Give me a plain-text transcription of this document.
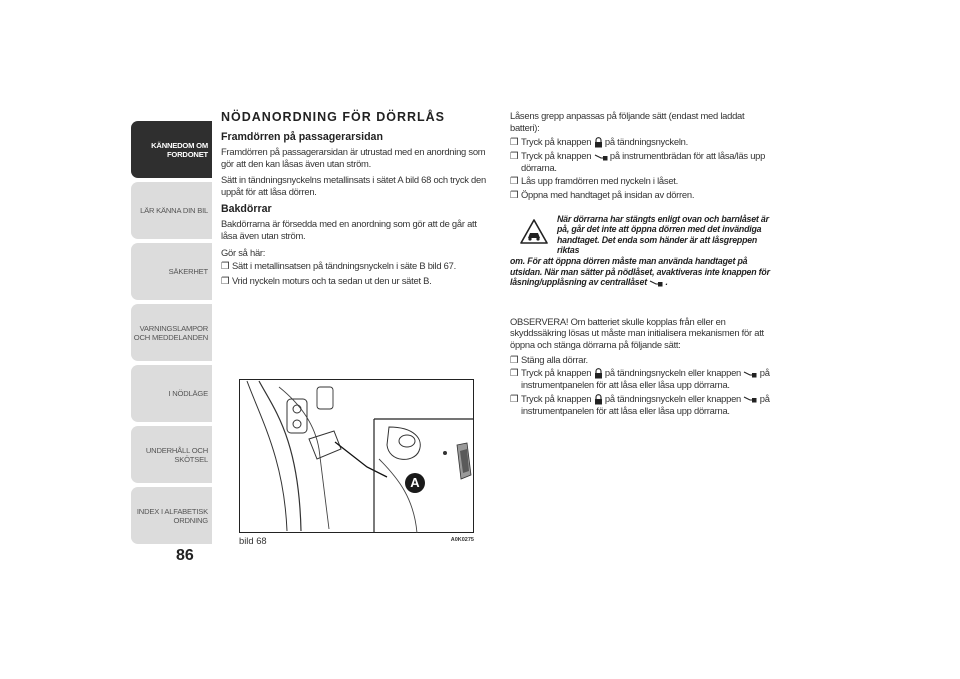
KÄNNEDOM OM
FORDONET
LÄR KÄNNA DIN BIL
SÄKERHET
VARNINGSLAMPOR
OCH MEDDELANDEN
I NÖDLÄGE
UNDERHÅLL OCH
SKÖTSEL
INDEX I ALFABETISK
ORDNING
86
NÖDANORDNING FÖR DÖRRLÅS
Framdörren på passagerarsidan
Framdörren på passagerarsidan är utrustad med en anordning som gör att den kan låsas även utan ström.
Sätt in tändningsnyckelns metallinsats i sätet A bild 68 och tryck den uppåt för att låsa dörren.
Bakdörrar
Bakdörrarna är försedda med en anordning som gör att de går att låsa även utan ström.
Gör så här:
❒ Sätt i metallinsatsen på tändningsnyckeln i säte B bild 67.
❒ Vrid nyckeln moturs och ta sedan ut den ur sätet B.
A
bild 68	A0K0275
Låsens grepp anpassas på följande sätt (endast med laddat batteri):
❒ Tryck på knappen på tändningsnyckeln.
❒ Tryck på knappen på instrumentbrädan för att låsa/läs upp dörrarna.
❒ Lås upp framdörren med nyckeln i låset.
❒ Öppna med handtaget på insidan av dörren.
När dörrarna har stängts enligt ovan och barnlåset är på, går det inte att öppna dörren med det invändiga handtaget. Det enda som händer är att låsgreppen riktas
om. För att öppna dörren måste man använda handtaget på utsidan. När man sätter på nödlåset, avaktiveras inte knappen för låsning/upplåsning av centrallåset .
OBSERVERA! Om batteriet skulle kopplas från eller en skyddssäkring lösas ut måste man initialisera mekanismen för att öppna och stänga dörrarna på följande sätt:
❒ Stäng alla dörrar.
❒ Tryck på knappen på tändningsnyckeln eller knappen på instrumentpanelen för att låsa eller låsa upp dörrarna.
❒ Tryck på knappen på tändningsnyckeln eller knappen på instrumentpanelen för att låsa eller låsa upp dörrarna.
